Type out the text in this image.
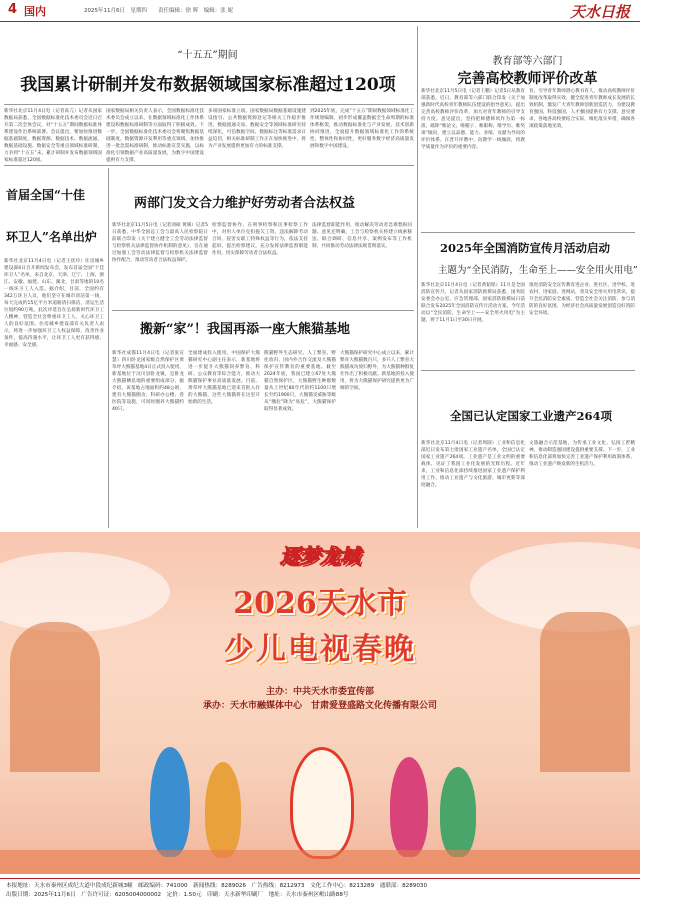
4 国内	2025年11月6日　星期四　　责任编辑：徐 晖　编辑：张 妮	天水日报
“十五五”期间
我国累计研制并发布数据领域国家标准超过120项
新华社北京11月4日电（记者高亢）记者从国家数据局获悉，全国数据标准化技术委员会近日召开第二次全体会议，对“十五五”期间数据标准体系建设作出系统部署。会议提出，要加快推进数据基础制度、数据资源、数据技术、数据流通、数据基础设施、数据安全等重点领域标准研制，力争到“十五五”末，累计研制并发布数据领域国家标准超过120项。
国家数据局相关负责人表示，全国数据标准化技术委员会成立以来，在数据领域标准化工作体系建设和数据标准研制等方面取得了积极成效。下一步，全国数据标准化技术委员会将聚焦数据基础制度、数据资源开发利用等重点领域，加快推进一批急需标准研制，推动标准宣贯实施，以标准化引领数据产业高质量发展，为数字中国建设提供有力支撑。
多项国家标准立项。国家数据局数据基础设施建设指引、公共数据资源登记等相关工作稳步推进，数据流通交易、数据安全等领域标准研究持续深化，可信数据空间、数据标注等标准需求日益迫切，相关标准研制工作正在加快推进中，将为产业发展提供更加有力的标准支撑。
到2025年底，完成“十五五”期间数据领域标准化工作规划编制，初步形成覆盖数据全生命周期的标准体系框架，推动数据标准化与产业发展、技术创新协同推进，全面提升数据领域标准化工作的系统性、整体性和协同性，更好服务数字经济高质量发展和数字中国建设。
首届全国“十佳
环卫人”名单出炉
新华社北京11月4日电（记者王优玲）住房城乡建设部4日召开新闻发布会，发布首届全国“十佳环卫人”名单。来自北京、天津、辽宁、上海、浙江、安徽、福建、山东、湖北、甘肃等地的10名一线环卫工人入选。据介绍，目前，全国约有342万环卫人员，他们坚守在城市清洁第一线，每天完成约15亿平方米道路清扫保洁，清运生活垃圾约90万吨。此次评选旨在弘扬新时代环卫工人精神，营造全社会尊重环卫工人、关心环卫工人的良好氛围。住房城乡建设部有关负责人表示，将进一步加强环卫工人权益保障，改善作业条件，提高待遇水平，让环卫工人更有获得感、幸福感、安全感。
两部门发文合力维护好劳动者合法权益
新华社北京11月5日电（记者刘硕 黄璜）记者5日获悉，中华全国总工会与最高人民检察院日前联合印发《关于建立健全工会劳动法律监督与检察机关法律监督协作机制的意见》，旨在通过加强工会劳动法律监督与检察机关法律监督协作配合，推动劳动者合法权益保护。
检察监督协作，在刑事检察和民事检察工作中，对用人单位克扣拖欠工资、违法解除劳动合同、侵害女职工特殊权益等行为，依法支持起诉、提出检察建议，充分发挥法律监督职能作用，切实保障劳动者合法权益。
法律监督职能作用，推动解决劳动者急难愁盼问题。意见还明确，工会与检察机关将建立线索移送、联合调研、信息共享、案例发布等工作机制，共同推动劳动法律法规贯彻落实。
搬新“家”！我国再添一座大熊猫基地
新华社成都11月4日电（记者张宣慧）四川卧龙国家级自然保护区黄草坪大熊猫基地4日正式投入使用，新基地位于汶川县卧龙镇，是卧龙大熊猫栖息地的重要组成部分。据介绍，该基地占地面积约48公顷，建有大熊猫圈舍、科研办公楼、兽医院等设施，可同时圈养大熊猫约40只。
全面建成投入使用，中国保护大熊猫研究中心副主任表示，新基地将进一步提升大熊猫饲养繁育、科研、公众教育等综合能力，推动大熊猫保护事业高质量发展。目前，黄草坪大熊猫基地已迎来首批入住的大熊猫，这些大熊猫将在这里开始新的生活。
熊猫野外生态研究、人工繁育、野化放归、国内外合作交流及大熊猫保护宣传教育的重要基地。截至2024年底，我国已建立67处大熊猫自然保护区，大熊猫野生种群数量从上世纪80年代的约1100只增长至约1900只，大熊猫受威胁等级从“濒危”降为“易危”，大熊猫保护取得显著成效。
大熊猫保护研究中心成立以来，累计繁育大熊猫数百只，多只人工繁育大熊猫成功放归野外，为大熊猫种群复壮作出了积极贡献。新基地的投入使用，将为大熊猫保护研究提供更为广阔的空间。
教育部等六部门
完善高校教师评价改革
新华社北京11月5日电（记者王鹏）记者5日从教育部获悉，近日，教育部等六部门联合印发《关于加强新时代高校青年教师队伍建设的指导意见》，提出完善高校教师评价改革，加大对青年教师的引导支持力度。意见提出，坚持把师德师风作为第一标准，破除“唯论文、唯帽子、唯职称、唯学历、唯奖项”倾向，建立以品德、能力、业绩、贡献为导向的评价体系。在晋升评聘中，向教学一线倾斜，将教学质量作为评价的重要内容。
育、引导青年教师潜心教书育人，推动高校教师评价制度改革取得实效，健全促进青年教师成长发展的长效机制，激发广大青年教师创新创造活力，为建设教育强国、科技强国、人才强国提供有力支撑。意见要求，各地各高校要结合实际，细化落实举措，确保各项政策落地见效。
2025年全国消防宣传月活动启动
主题为“全民消防，生命至上——安全用火用电”
新华社北京11月4日电（记者黄韬铭）11月是全国消防宣传月。记者从国家消防救援局获悉，国务院安委会办公室、应急管理部、国家消防救援局日前联合发布2025年全国消防宣传月活动方案。今年活动以“全民消防，生命至上——安全用火用电”为主题，将于11月1日至30日开展。
推进消防安全宣传教育进企业、进社区、进学校、进农村、进家庭、进网站，普及安全用火用电常识，提升全民消防安全素质，营造全社会关注消防、参与消防的良好氛围，为经济社会高质量发展创造良好消防安全环境。
全国已认定国家工业遗产264项
新华社北京11月4日电（记者周圆）工业和信息化部近日发布第七批国家工业遗产名单，全国已认定国家工业遗产264项。工业遗产是工业文明的重要载体，见证了我国工业化发展的光辉历程。近年来，工业和信息化部持续推进国家工业遗产保护利用工作，推动工业遗产与文化旅游、城市更新等深度融合。
文旅融合示范基地，为传承工业文化、弘扬工匠精神、推动制造强国建设提供重要支撑。下一步，工业和信息化部将加快完善工业遗产保护利用政策体系，推动工业遗产焕发新的生机活力。
逐梦龙城
2026天水市
少儿电视春晚
主办：中共天水市委宣传部
承办：天水市融媒体中心　甘肃爱登盛路文化传播有限公司
本报地址：天水市秦州区成纪大道中段成纪新城3幢　邮政编码：741000　新闻热线：8289026　广告热线：8212973　文化工作中心：8213289　通联部：8289030
出版日期：2025年11月6日　广告许可证：6205004000002　定价：1.50元　印刷：天水新华印刷厂　地址：天水市秦州区岷山路88号
